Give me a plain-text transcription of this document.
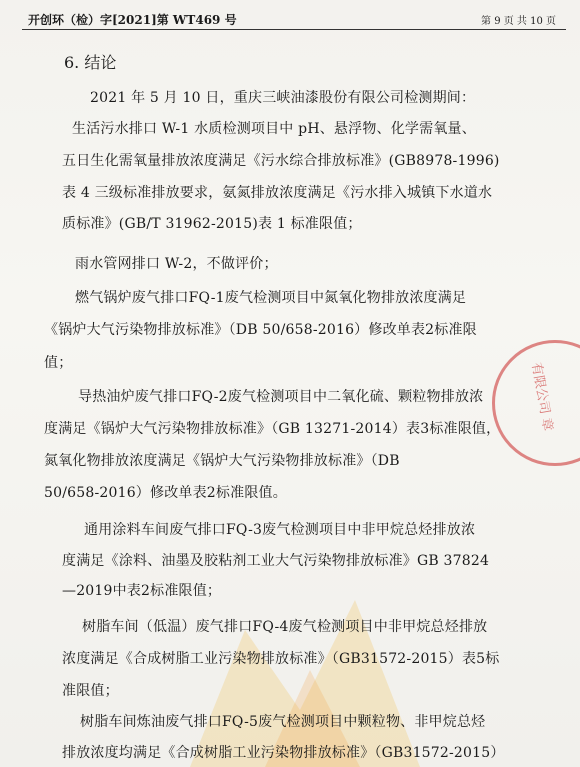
开创环（检）字[2021]第 WT469 号	第 9 页 共 10 页
6. 结论
有限公司 章
2021 年 5 月 10 日，重庆三峡油漆股份有限公司检测期间：
生活污水排口 W-1 水质检测项目中 pH、悬浮物、化学需氧量、
五日生化需氧量排放浓度满足《污水综合排放标准》(GB8978-1996)
表 4 三级标准排放要求，氨氮排放浓度满足《污水排入城镇下水道水
质标准》(GB/T 31962-2015)表 1 标准限值；
雨水管网排口 W-2，不做评价；
燃气锅炉废气排口FQ-1废气检测项目中氮氧化物排放浓度满足
《锅炉大气污染物排放标准》（DB 50/658-2016）修改单表2标准限
值；
导热油炉废气排口FQ-2废气检测项目中二氧化硫、颗粒物排放浓
度满足《锅炉大气污染物排放标准》（GB 13271-2014）表3标准限值，
氮氧化物排放浓度满足《锅炉大气污染物排放标准》（DB
50/658-2016）修改单表2标准限值。
通用涂料车间废气排口FQ-3废气检测项目中非甲烷总烃排放浓
度满足《涂料、油墨及胶粘剂工业大气污染物排放标准》GB 37824
—2019中表2标准限值；
树脂车间（低温）废气排口FQ-4废气检测项目中非甲烷总烃排放
浓度满足《合成树脂工业污染物排放标准》（GB31572-2015）表5标
准限值；
树脂车间炼油废气排口FQ-5废气检测项目中颗粒物、非甲烷总烃
排放浓度均满足《合成树脂工业污染物排放标准》（GB31572-2015）
